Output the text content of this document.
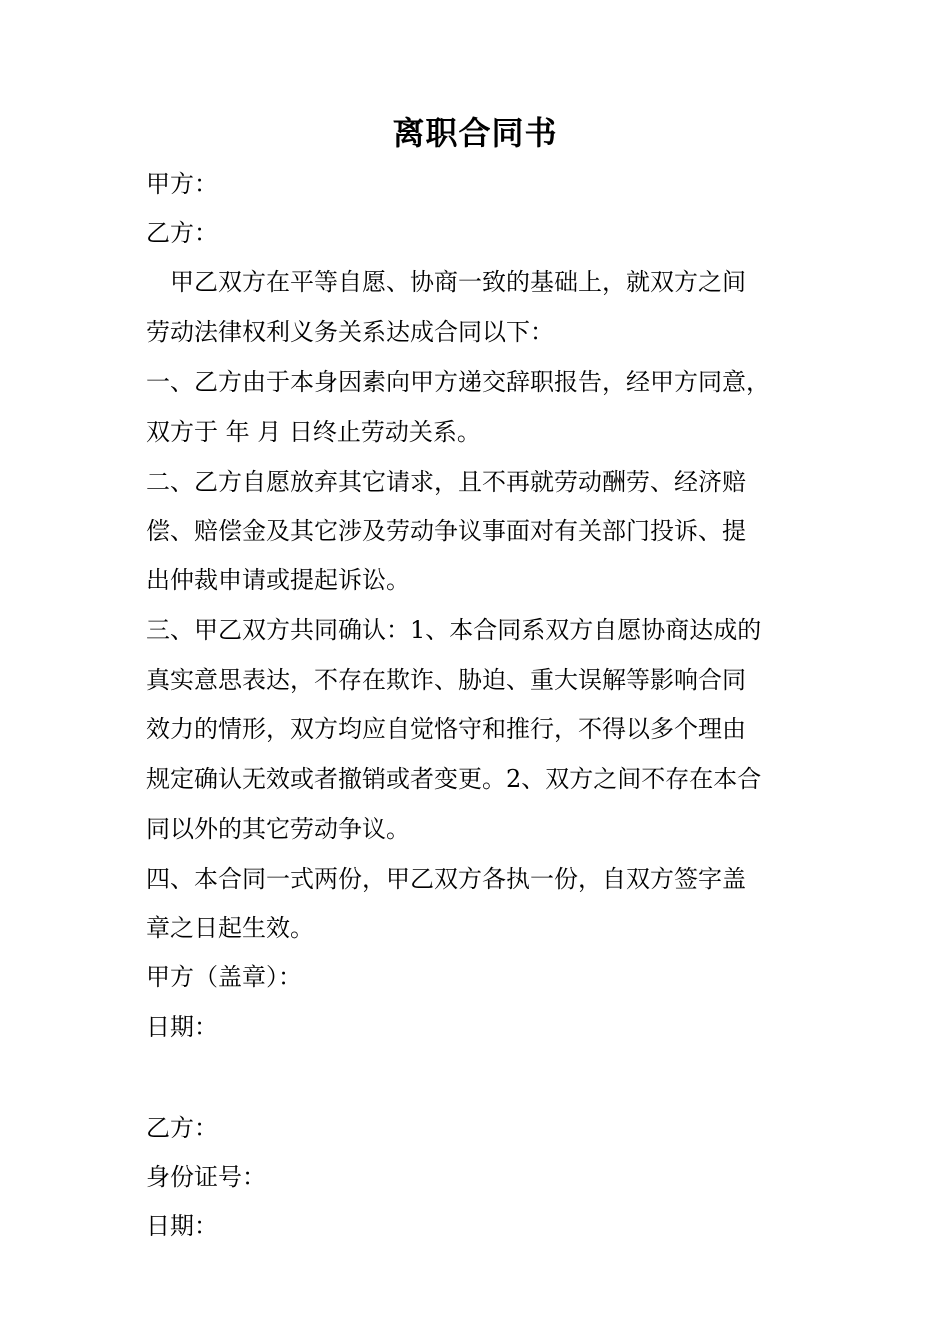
离职合同书
甲方：
乙方：
　甲乙双方在平等自愿、协商一致的基础上，就双方之间
劳动法律权利义务关系达成合同以下：
一、乙方由于本身因素向甲方递交辞职报告，经甲方同意，
双方于 年 月 日终止劳动关系。
二、乙方自愿放弃其它请求，且不再就劳动酬劳、经济赔
偿、赔偿金及其它涉及劳动争议事面对有关部门投诉、提
出仲裁申请或提起诉讼。
三、甲乙双方共同确认：1、本合同系双方自愿协商达成的
真实意思表达，不存在欺诈、胁迫、重大误解等影响合同
效力的情形，双方均应自觉恪守和推行，不得以多个理由
规定确认无效或者撤销或者变更。2、双方之间不存在本合
同以外的其它劳动争议。
四、本合同一式两份，甲乙双方各执一份，自双方签字盖
章之日起生效。
甲方（盖章）：
日期：
乙方：
身份证号：
日期：
